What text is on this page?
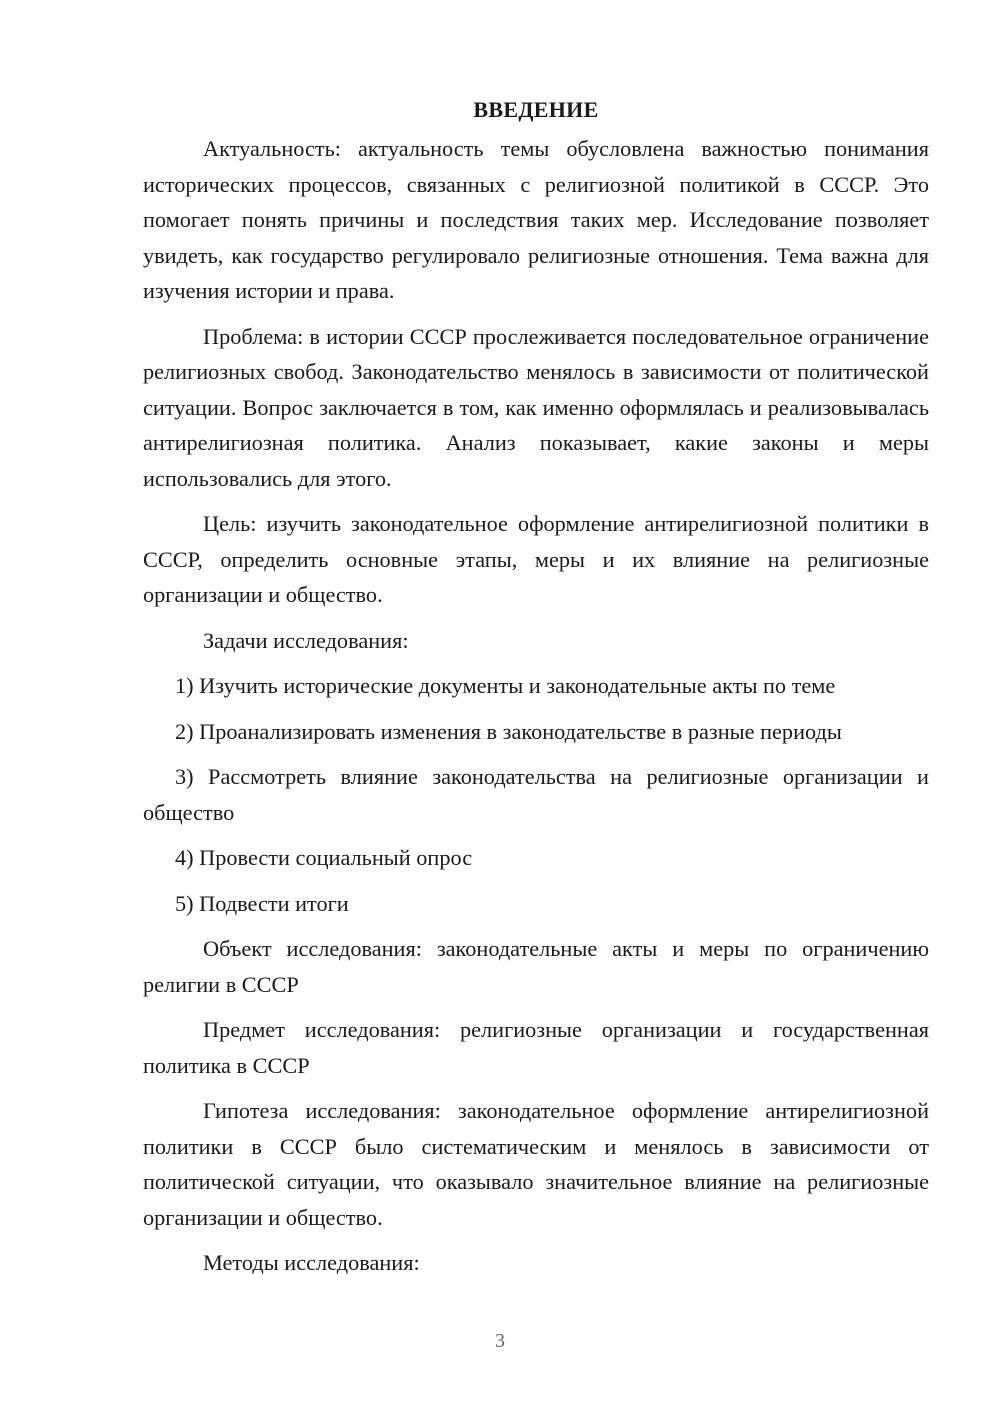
ВВЕДЕНИЕ

Актуальность: актуальность темы обусловлена важностью понимания исторических процессов, связанных с религиозной политикой в СССР. Это помогает понять причины и последствия таких мер. Исследование позволяет увидеть, как государство регулировало религиозные отношения. Тема важна для изучения истории и права.

Проблема: в истории СССР прослеживается последовательное ограничение религиозных свобод. Законодательство менялось в зависимости от политической ситуации. Вопрос заключается в том, как именно оформлялась и реализовывалась антирелигиозная политика. Анализ показывает, какие законы и меры использовались для этого.

Цель: изучить законодательное оформление антирелигиозной политики в СССР, определить основные этапы, меры и их влияние на религиозные организации и общество.

Задачи исследования:

1) Изучить исторические документы и законодательные акты по теме

2) Проанализировать изменения в законодательстве в разные периоды

3) Рассмотреть влияние законодательства на религиозные организации и общество

4) Провести социальный опрос

5) Подвести итоги

Объект исследования: законодательные акты и меры по ограничению религии в СССР

Предмет исследования: религиозные организации и государственная политика в СССР

Гипотеза исследования: законодательное оформление антирелигиозной политики в СССР было систематическим и менялось в зависимости от политической ситуации, что оказывало значительное влияние на религиозные организации и общество.

Методы исследования:

3
